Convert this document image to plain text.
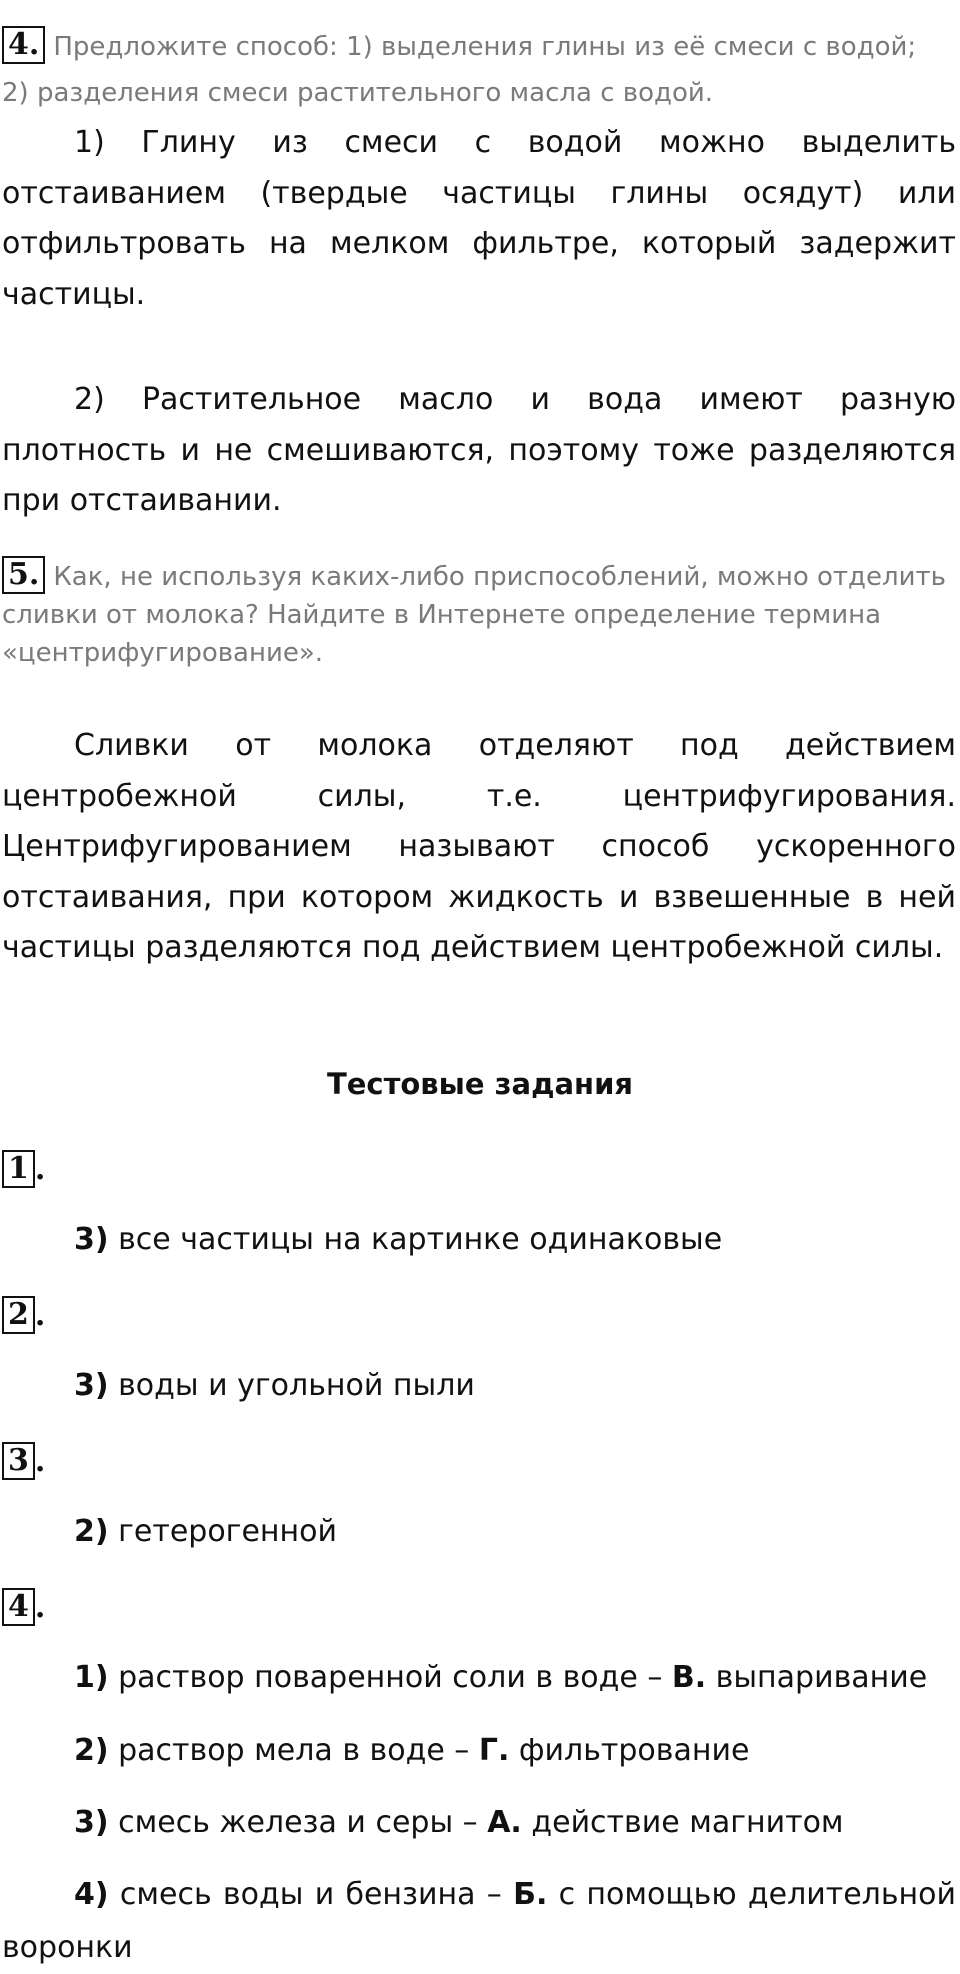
4. Предложите способ: 1) выделения глины из её смеси с водой;
2) разделения смеси растительного масла с водой.
1) Глину из смеси с водой можно выделить отстаиванием (твердые частицы глины осядут) или отфильтровать на мелком фильтре, который задержит частицы.
2) Растительное масло и вода имеют разную плотность и не смешиваются, поэтому тоже разделяются при отстаивании.
5. Как, не используя каких-либо приспособлений, можно отделить
сливки от молока? Найдите в Интернете определение термина
«центрифугирование».
Сливки от молока отделяют под действием центробежной силы, т.е. центрифугирования. Центрифугированием называют способ ускоренного отстаивания, при котором жидкость и взвешенные в ней частицы разделяются под действием центробежной силы.
Тестовые задания
1 .
3) все частицы на картинке одинаковые
2 .
3) воды и угольной пыли
3 .
2) гетерогенной
4 .
1) раствор поваренной соли в воде – В. выпаривание
2) раствор мела в воде – Г. фильтрование
3) смесь железа и серы – А. действие магнитом
4) смесь воды и бензина – Б. с помощью делительной воронки
